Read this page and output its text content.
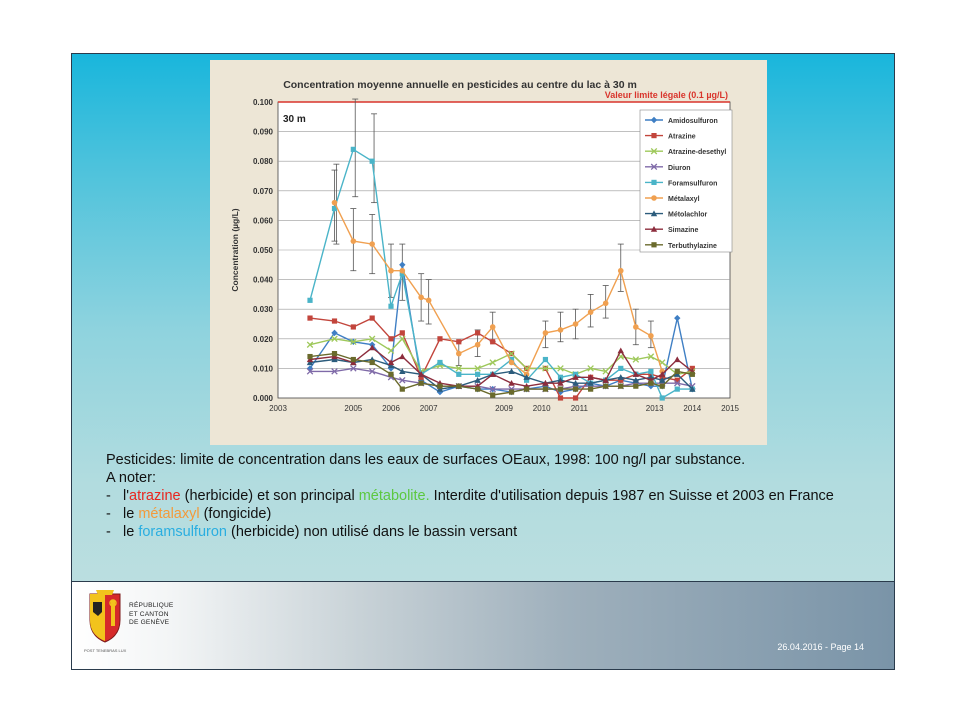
Concentration moyenne annuelle en pesticides au centre du lac à 30 m
0.100
0.090
0.080
0.070
0.060
0.050
0.040
0.030
0.020
0.010
0.000
2003	2005 2006 2007	2009 2010	2011	2013 2014 2015
Concentration (µg/L)
30 m
Valeur limite légale (0.1 µg/L)
Amidosulfuron
Atrazine
Atrazine-desethyl
Diuron
Foramsulfuron
Métalaxyl
Métolachlor
Simazine
Terbuthylazine
Pesticides: limite de concentration dans les eaux de surfaces OEaux, 1998: 100 ng/l par substance.
A noter:
- l'atrazine (herbicide) et son principal métabolite. Interdite d'utilisation depuis 1987 en Suisse et 2003 en France
- le métalaxyl (fongicide)
- le foramsulfuron (herbicide) non utilisé dans le bassin versant
RÉPUBLIQUE
ET CANTON
DE GENÈVE
POST TENEBRAS LUX	26.04.2016 - Page 14
